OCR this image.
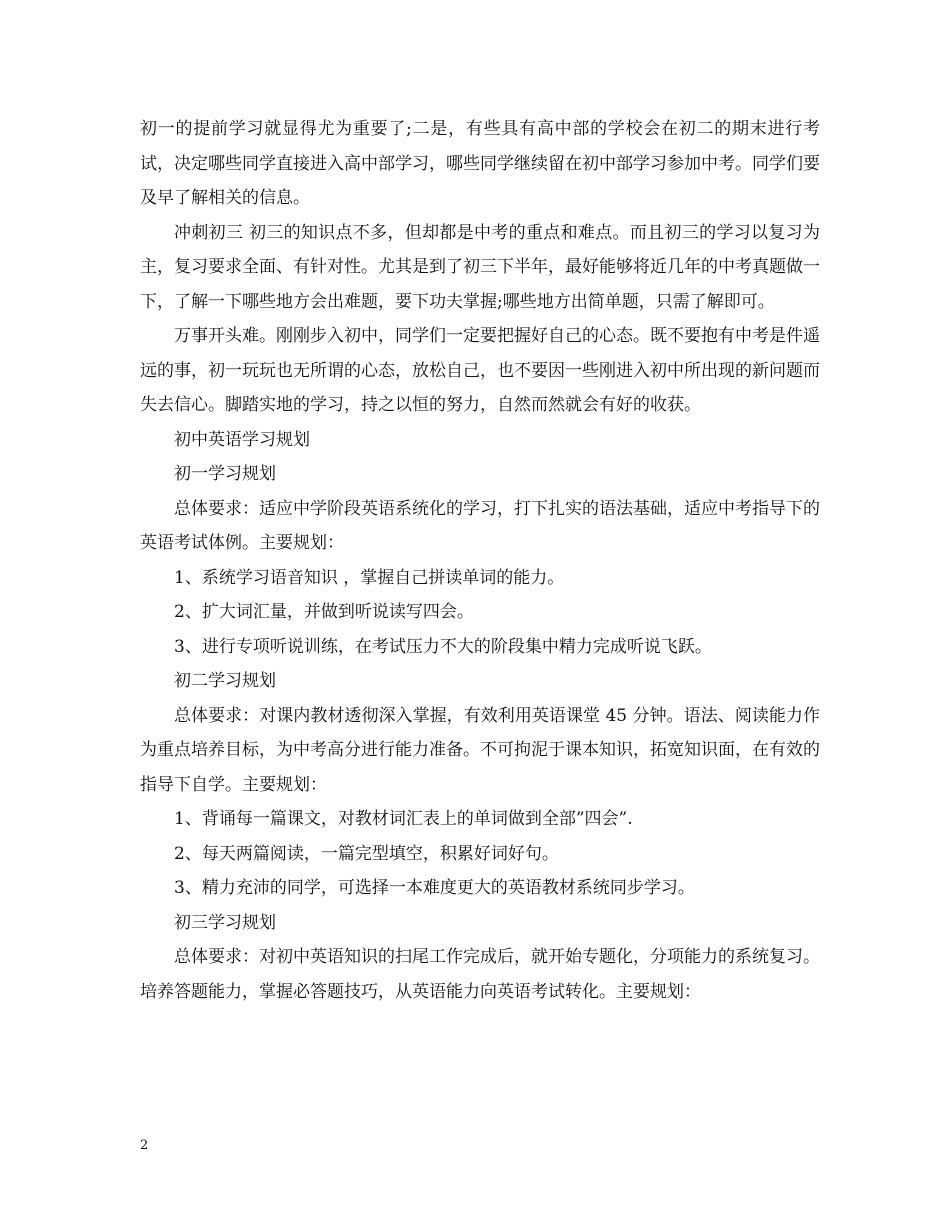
初一的提前学习就显得尤为重要了;二是，有些具有高中部的学校会在初二的期末进行考试，决定哪些同学直接进入高中部学习，哪些同学继续留在初中部学习参加中考。同学们要及早了解相关的信息。

冲刺初三 初三的知识点不多，但却都是中考的重点和难点。而且初三的学习以复习为主，复习要求全面、有针对性。尤其是到了初三下半年，最好能够将近几年的中考真题做一下，了解一下哪些地方会出难题，要下功夫掌握;哪些地方出简单题，只需了解即可。

万事开头难。刚刚步入初中，同学们一定要把握好自己的心态。既不要抱有中考是件遥远的事，初一玩玩也无所谓的心态，放松自己，也不要因一些刚进入初中所出现的新问题而失去信心。脚踏实地的学习，持之以恒的努力，自然而然就会有好的收获。

初中英语学习规划

初一学习规划

总体要求：适应中学阶段英语系统化的学习，打下扎实的语法基础，适应中考指导下的英语考试体例。主要规划：

1、系统学习语音知识 ，掌握自己拼读单词的能力。

2、扩大词汇量，并做到听说读写四会。

3、进行专项听说训练，在考试压力不大的阶段集中精力完成听说飞跃。

初二学习规划

总体要求：对课内教材透彻深入掌握，有效利用英语课堂 45 分钟。语法、阅读能力作为重点培养目标，为中考高分进行能力准备。不可拘泥于课本知识，拓宽知识面，在有效的指导下自学。主要规划：

1、背诵每一篇课文，对教材词汇表上的单词做到全部”四会”.

2、每天两篇阅读，一篇完型填空，积累好词好句。

3、精力充沛的同学，可选择一本难度更大的英语教材系统同步学习。

初三学习规划

总体要求：对初中英语知识的扫尾工作完成后，就开始专题化，分项能力的系统复习。培养答题能力，掌握必答题技巧，从英语能力向英语考试转化。主要规划：

2
